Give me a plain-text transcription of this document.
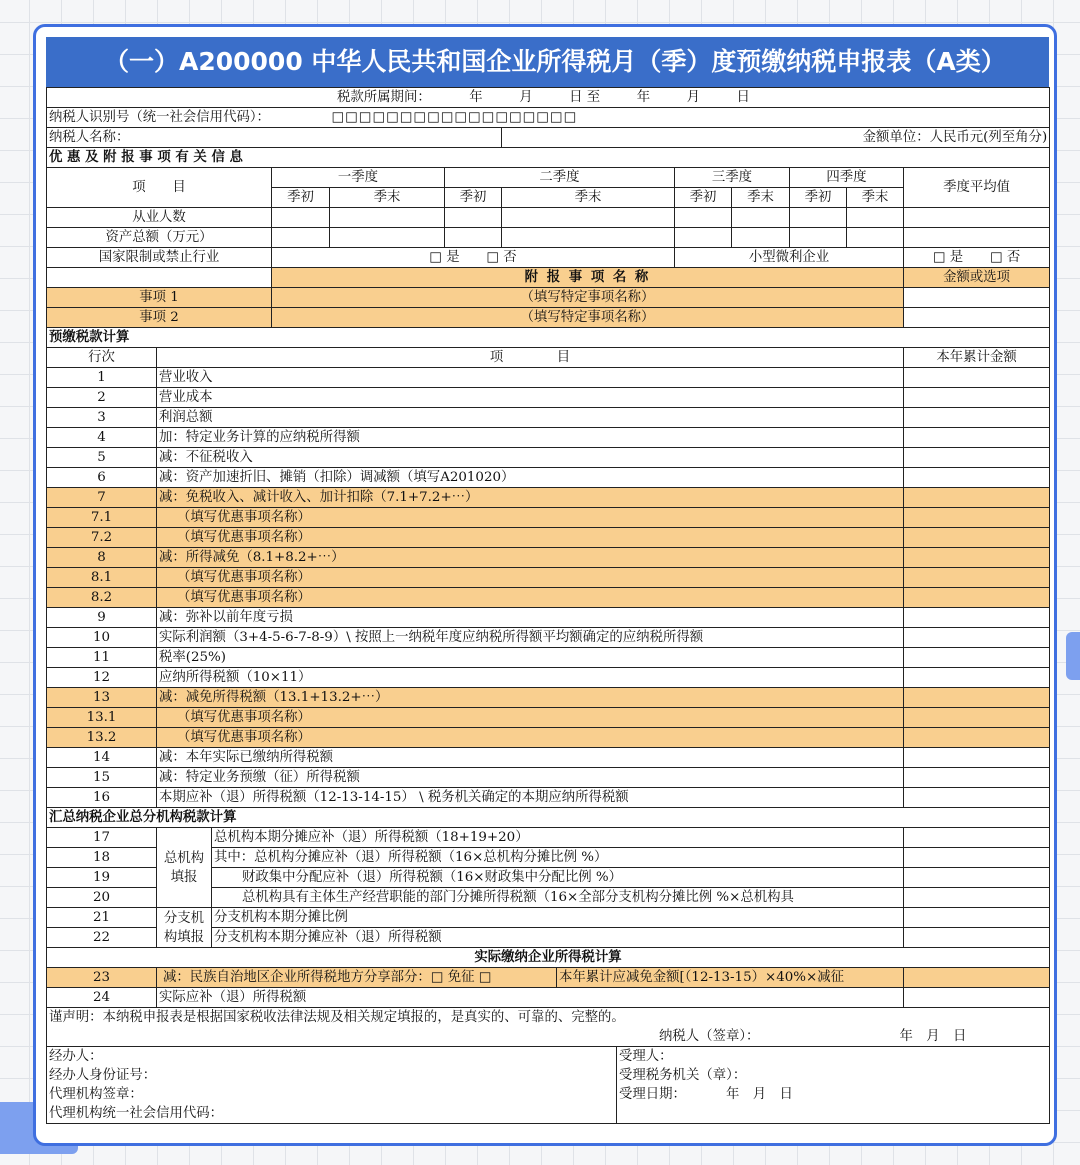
（一）A200000 中华人民共和国企业所得税月（季）度预缴纳税申报表（A类）
税款所属期间： 年 月 日 至 年 月 日										
纳税人识别号（统一社会信用代码）：			□□□□□□□□□□□□□□□□□□							
纳税人名称：					金额单位：人民币元(列至角分)					
优 惠 及 附 报 事 项 有 关 信 息										
项　　目		一季度		二季度		三季度		四季度		季度平均值
		季初	季末	季初	季末	季初	季末	季初	季末	
从业人数										
资产总额（万元）										
国家限制或禁止行业		□ 是　　□ 否				小型微利企业				□ 是　　□ 否
		附 报 事 项 名 称								金额或选项
事项 1		（填写特定事项名称）								
事项 2		（填写特定事项名称）								
预缴税款计算										
行次	项　　　　目									本年累计金额
1	营业收入	
2	营业成本	
3	利润总额	
4	加：特定业务计算的应纳税所得额	
5	减：不征税收入	
6	减：资产加速折旧、摊销（扣除）调减额（填写A201020）	
7	减：免税收入、减计收入、加计扣除（7.1+7.2+⋯）	
7.1	（填写优惠事项名称）	
7.2	（填写优惠事项名称）	
8	减：所得减免（8.1+8.2+⋯）	
8.1	（填写优惠事项名称）	
8.2	（填写优惠事项名称）	
9	减：弥补以前年度亏损	
10	实际利润额（3+4-5-6-7-8-9）\ 按照上一纳税年度应纳税所得额平均额确定的应纳税所得额	
11	税率(25%)	
12	应纳所得税额（10×11）	
13	减：减免所得税额（13.1+13.2+⋯）	
13.1	（填写优惠事项名称）	
13.2	（填写优惠事项名称）	
14	减：本年实际已缴纳所得税额	
15	减：特定业务预缴（征）所得税额	
16	本期应补（退）所得税额（12-13-14-15） \ 税务机关确定的本期应纳所得税额	
汇总纳税企业总分机构税款计算			
17	总机构填报	总机构本期分摊应补（退）所得税额（18+19+20）	
18		其中：总机构分摊应补（退）所得税额（16×总机构分摊比例 %）	
19		财政集中分配应补（退）所得税额（16×财政集中分配比例 %）	
20		总机构具有主体生产经营职能的部门分摊所得税额（16×全部分支机构分摊比例 %×总机构具	
21	分支机构填报	分支机构本期分摊比例	
22		分支机构本期分摊应补（退）所得税额	
实际缴纳企业所得税计算			
23	减：民族自治地区企业所得税地方分享部分：□ 免征 □	本年累计应减免金额[（12-13-15）×40%×减征	
24	实际应补（退）所得税额		
谨声明：本纳税申报表是根据国家税收法律法规及相关规定填报的，是真实的、可靠的、完整的。			
纳税人（签章）： 年　月　日			
经办人：	受理人：
经办人身份证号：	受理税务机关（章）：
代理机构签章：	受理日期： 年　月　日
代理机构统一社会信用代码：	
